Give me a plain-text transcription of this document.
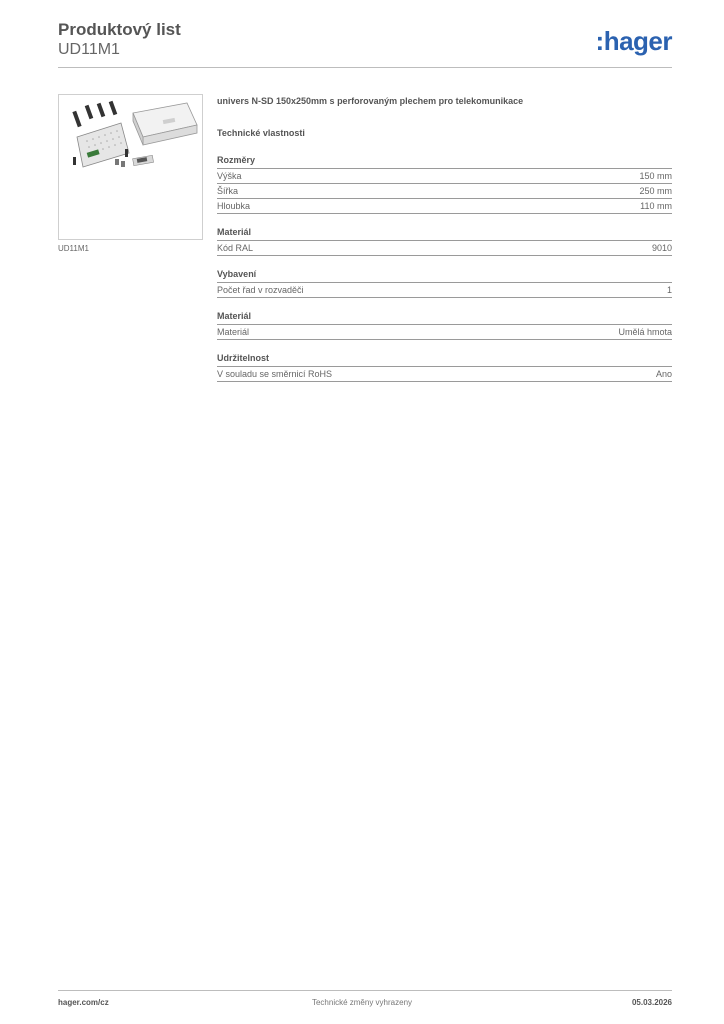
Produktový list
UD11M1	:hager
UD11M1
univers N-SD 150x250mm s perforovaným plechem pro telekomunikace
Technické vlastnosti
Rozměry
Výška	150 mm
Šířka	250 mm
Hloubka	110 mm
Materiál
Kód RAL	9010
Vybavení
Počet řad v rozvaděči	1
Materiál
Materiál	Umělá hmota
Udržitelnost
V souladu se směrnicí RoHS	Ano
hager.com/cz	Technické změny vyhrazeny	05.03.2026
